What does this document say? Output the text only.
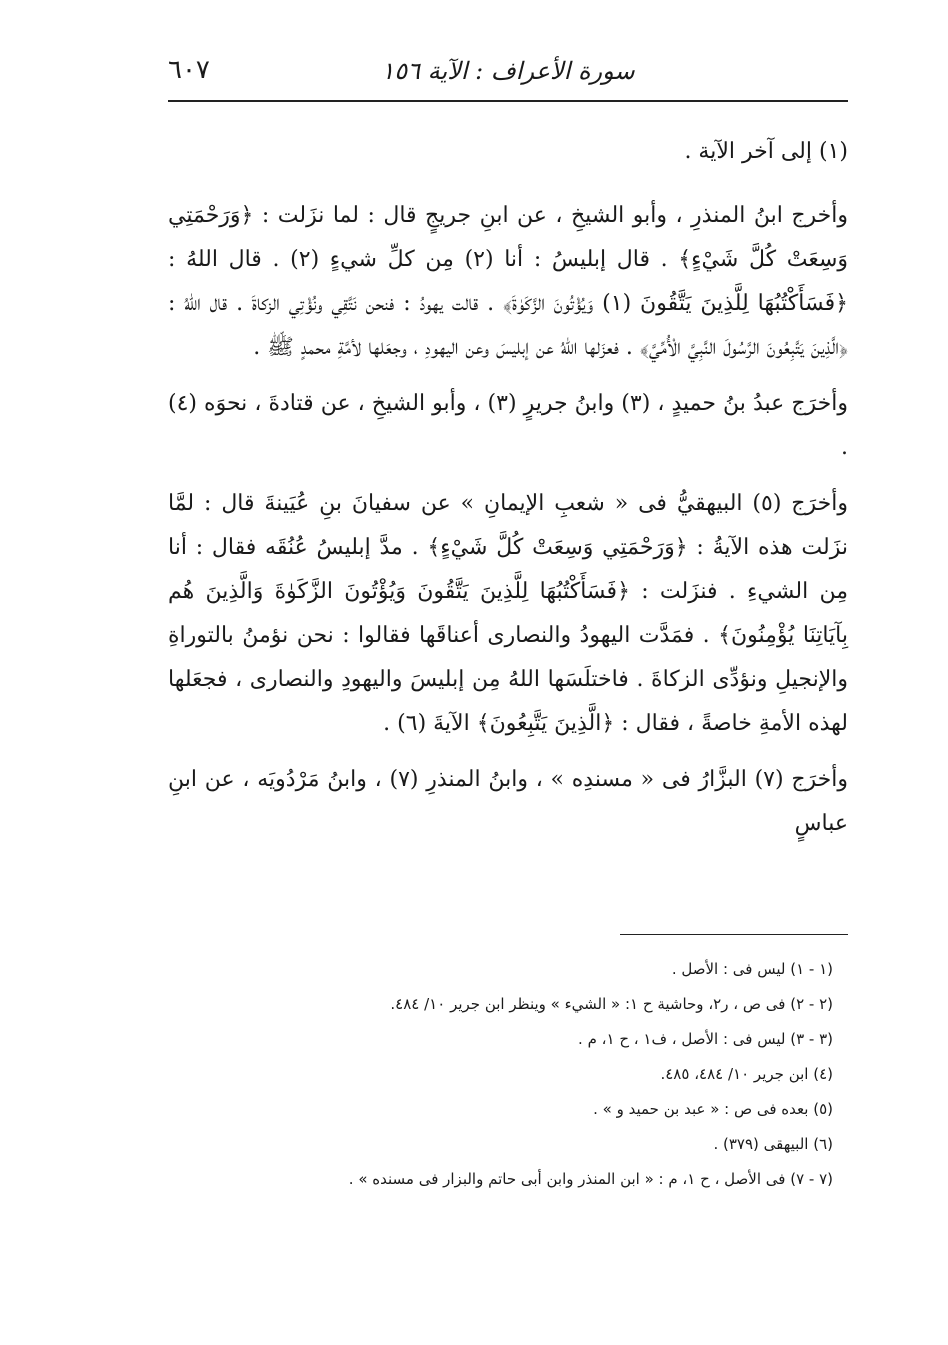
٦٠٧	سورة الأعراف : الآية ١٥٦

(١) إلى آخر الآية .

وأخرج ابنُ المنذرِ ، وأبو الشيخِ ، عن ابنِ جريجٍ قال : لما نزَلت : ﴿وَرَحْمَتِي وَسِعَتْ كُلَّ شَيْءٍ﴾ . قال إبليسُ : أنا (٢) مِن كلِّ شيءٍ (٢) . قال اللهُ : ﴿فَسَأَكْتُبُهَا لِلَّذِينَ يَتَّقُونَ (١) وَيُؤْتُونَ الزَّكَوٰةَ﴾ . قالت يهودُ : فنحن نَتَّقِي ونُؤْتِي الزكاةَ . قال اللهُ : ﴿الَّذِينَ يَتَّبِعُونَ الرَّسُولَ النَّبِيَّ الْأُمِّيَّ﴾ . فعزَلها اللهُ عن إبليسَ وعن اليهودِ ، وجعَلها لأمَّةِ محمدٍ ﷺ .

وأخرَج عبدُ بنُ حميدٍ ، (٣) وابنُ جريرٍ (٣) ، وأبو الشيخِ ، عن قتادةَ ، نحوَه (٤) .

وأخرَج (٥) البيهقيُّ فى « شعبِ الإيمانِ » عن سفيانَ بنِ عُيَينةَ قال : لمَّا نزَلت هذه الآيةُ : ﴿وَرَحْمَتِي وَسِعَتْ كُلَّ شَيْءٍ﴾ . مدَّ إبليسُ عُنُقَه فقال : أنا مِن الشيءِ . فنزَلت : ﴿فَسَأَكْتُبُهَا لِلَّذِينَ يَتَّقُونَ وَيُؤْتُونَ الزَّكَوٰةَ وَالَّذِينَ هُم بِآيَاتِنَا يُؤْمِنُونَ﴾ . فمَدَّت اليهودُ والنصارى أعناقَها فقالوا : نحن نؤمنُ بالتوراةِ والإنجيلِ ونؤدِّى الزكاةَ . فاختلَسَها اللهُ مِن إبليسَ واليهودِ والنصارى ، فجعَلها لهذه الأمةِ خاصةً ، فقال : ﴿الَّذِينَ يَتَّبِعُونَ﴾ الآيةَ (٦) .

وأخرَج (٧) البزَّارُ فى « مسندِه » ، وابنُ المنذرِ (٧) ، وابنُ مَرْدُويَه ، عن ابنِ عباسٍ

(١ - ١) ليس فى : الأصل .
(٢ - ٢) فى ص ، ر٢، وحاشية ح ١: « الشيء » وينظر ابن جرير ١٠/ ٤٨٤.
(٣ - ٣) ليس فى : الأصل ، ف١ ، ح ١، م .
(٤) ابن جرير ١٠/ ٤٨٤، ٤٨٥.
(٥) بعده فى ص : « عبد بن حميد و » .
(٦) البيهقى (٣٧٩) .
(٧ - ٧) فى الأصل ، ح ١، م : « ابن المنذر وابن أبى حاتم والبزار فى مسنده » .
